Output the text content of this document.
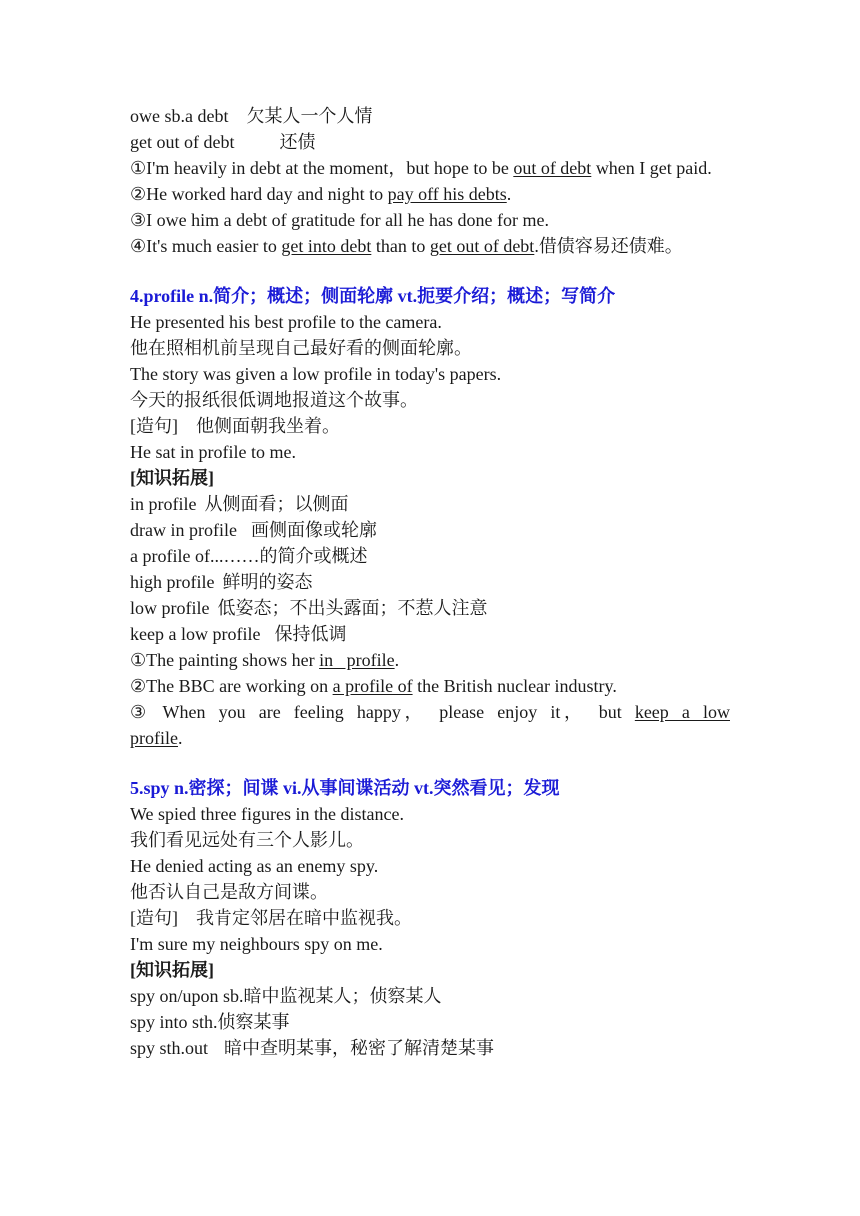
owe sb.a debt 欠某人一个人情
get out of debt	还债
①I'm heavily in debt at the moment，but hope to be out of debt when I get paid.
②He worked hard day and night to pay off his debts.
③I owe him a debt of gratitude for all he has done for me.
④It's much easier to get into debt than to get out of debt.借债容易还债难。
4.profile n.简介；概述；侧面轮廓 vt.扼要介绍；概述；写简介
He presented his best profile to the camera.
他在照相机前呈现自己最好看的侧面轮廓。
The story was given a low profile in today's papers.
今天的报纸很低调地报道这个故事。
[造句]    他侧面朝我坐着。
He sat in profile to me.
[知识拓展]
in profile 从侧面看；以侧面
draw in profile 画侧面像或轮廓
a profile of...……的简介或概述
high profile 鲜明的姿态
low profile 低姿态；不出头露面；不惹人注意
keep a low profile 保持低调
①The painting shows her in   profile.
②The BBC are working on a profile of the British nuclear industry.
③ When you are feeling happy， please enjoy it， but keep a low profile.
5.spy n.密探；间谍 vi.从事间谍活动 vt.突然看见；发现
We spied three figures in the distance.
我们看见远处有三个人影儿。
He denied acting as an enemy spy.
他否认自己是敌方间谍。
[造句]    我肯定邻居在暗中监视我。
I'm sure my neighbours spy on me.
[知识拓展]
spy on/upon sb.暗中监视某人；侦察某人
spy into sth.侦察某事
spy sth.out 暗中查明某事，秘密了解清楚某事
